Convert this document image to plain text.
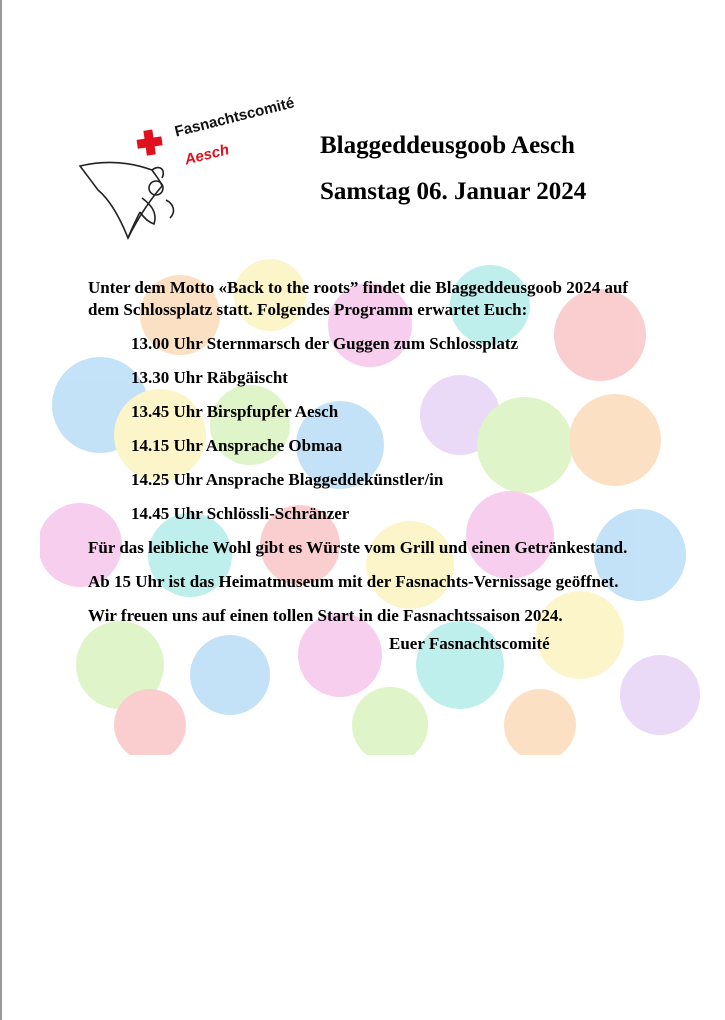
Fasnachtscomité
Aesch	Blaggeddeusgoob Aesch
Samstag 06. Januar 2024

Unter dem Motto «Back to the roots” findet die Blaggeddeusgoob 2024 auf dem Schlossplatz statt. Folgendes Programm erwartet Euch:

13.00 Uhr Sternmarsch der Guggen zum Schlossplatz
13.30 Uhr Räbgäischt
13.45 Uhr Birspfupfer Aesch
14.15 Uhr Ansprache Obmaa
14.25 Uhr Ansprache Blaggeddekünstler/in
14.45 Uhr Schlössli-Schränzer

Für das leibliche Wohl gibt es Würste vom Grill und einen Getränkestand.

Ab 15 Uhr ist das Heimatmuseum mit der Fasnachts-Vernissage geöffnet.

Wir freuen uns auf einen tollen Start in die Fasnachtssaison 2024.

Euer Fasnachtscomité
